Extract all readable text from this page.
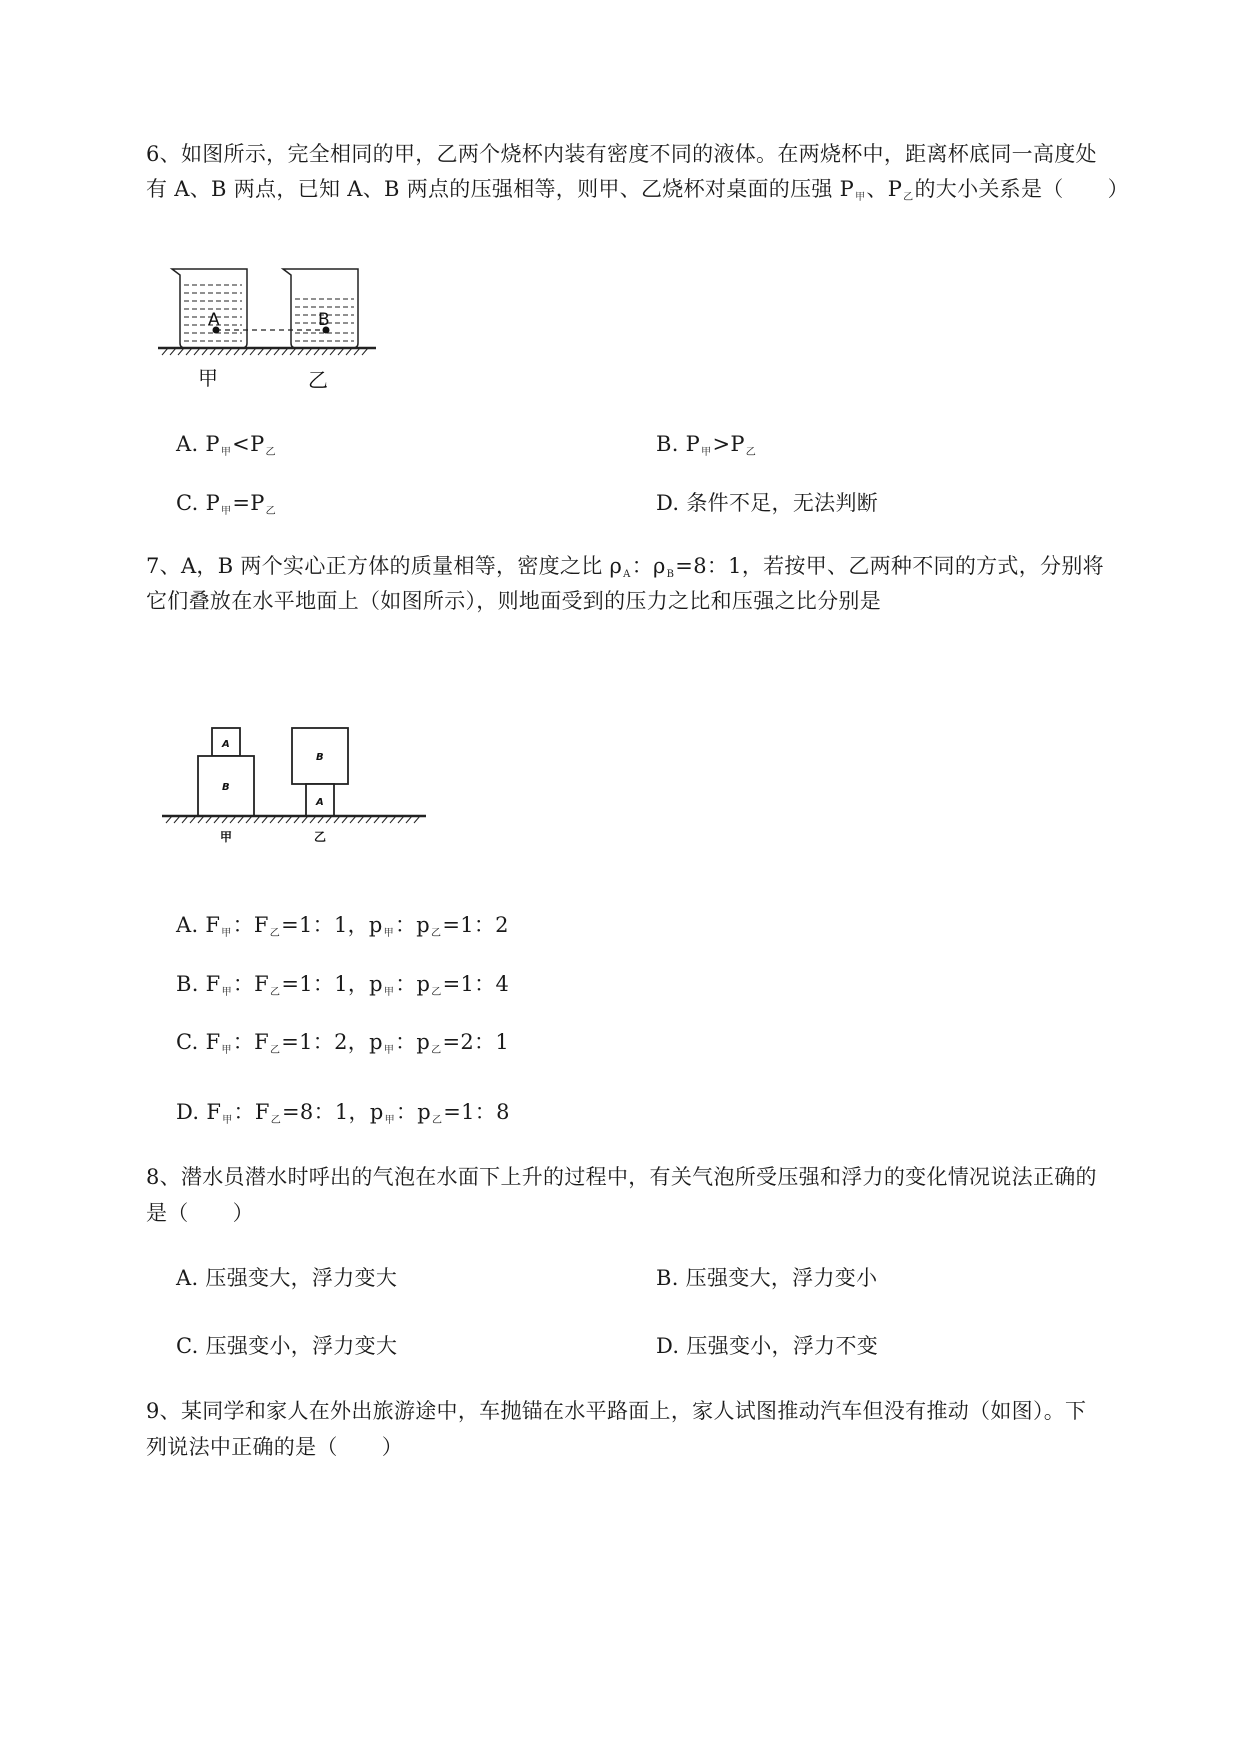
6、如图所示，完全相同的甲，乙两个烧杯内装有密度不同的液体。在两烧杯中，距离杯底同一高度处
有 A、B 两点，已知 A、B 两点的压强相等，则甲、乙烧杯对桌面的压强 $P_甲$、$P_乙$的大小关系是（ ）
A	B
甲	乙
A. $P_甲<P_乙$	B. $P_甲>P_乙$
C. $P_甲=P_乙$	D. 条件不足，无法判断
7、A，B 两个实心正方体的质量相等，密度之比 $\rho_A$：$\rho_B=8$：1，若按甲、乙两种不同的方式，分别将
它们叠放在水平地面上（如图所示），则地面受到的压力之比和压强之比分别是
A
B
B
A
甲	乙
A. $F_甲$：$F_乙=1$：1，$p_甲$：$p_乙=1$：2
B. $F_甲$：$F_乙=1$：1，$p_甲$：$p_乙=1$：4
C. $F_甲$：$F_乙=1$：2，$p_甲$：$p_乙=2$：1
D. $F_甲$：$F_乙=8$：1，$p_甲$：$p_乙=1$：8
8、潜水员潜水时呼出的气泡在水面下上升的过程中，有关气泡所受压强和浮力的变化情况说法正确的
是（ ）
A. 压强变大，浮力变大	B. 压强变大，浮力变小
C. 压强变小，浮力变大	D. 压强变小，浮力不变
9、某同学和家人在外出旅游途中，车抛锚在水平路面上，家人试图推动汽车但没有推动（如图）。下
列说法中正确的是（ ）
